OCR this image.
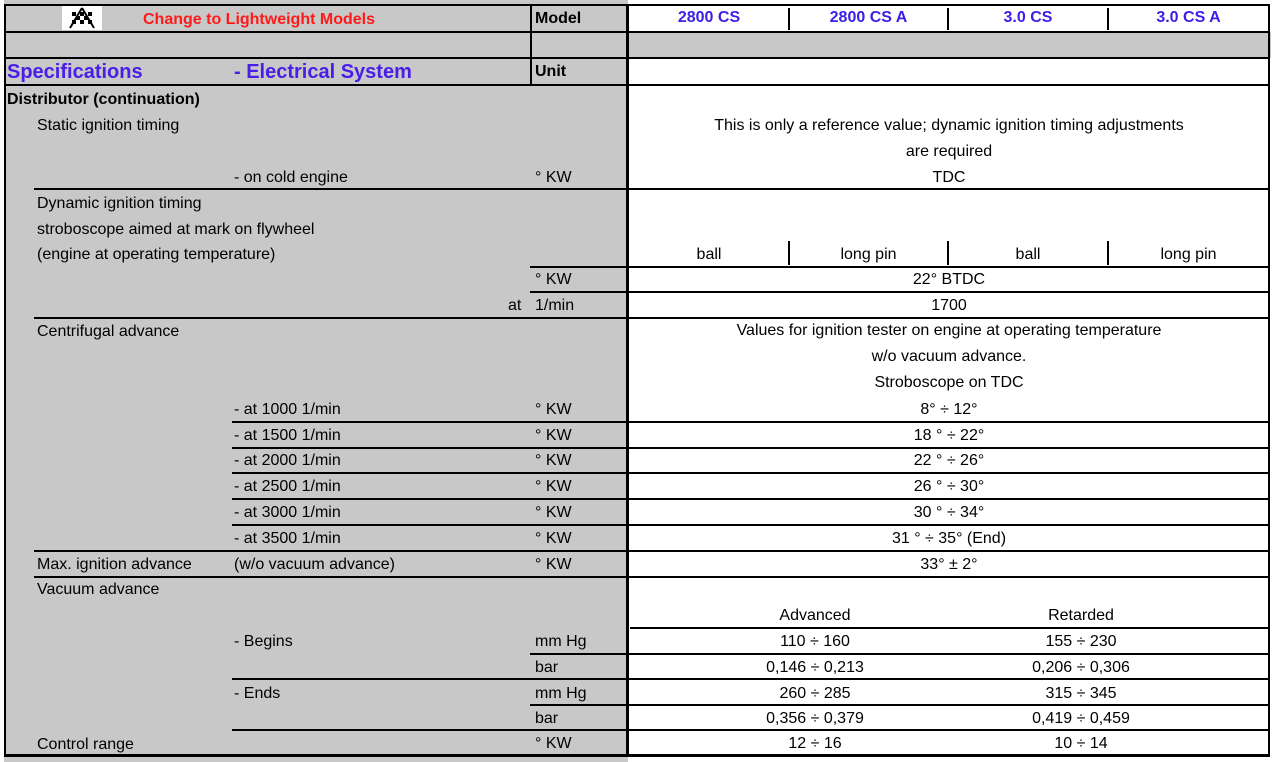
Change to Lightweight Models	Model	2800 CS	2800 CS A	3.0 CS	3.0 CS A
Specifications	- Electrical System	Unit
Distributor (continuation)
Static ignition timing	This is only a reference value; dynamic ignition timing adjustments
are required
- on cold engine	° KW	TDC
Dynamic ignition timing
stroboscope aimed at mark on flywheel
(engine at operating temperature)	ball	long pin	ball	long pin
° KW	22° BTDC
at 1/min	1700
Centrifugal advance	Values for ignition tester on engine at operating temperature
w/o vacuum advance.
Stroboscope on TDC
- at 1000 1/min	° KW	8° ÷ 12°
- at 1500 1/min	° KW	18 ° ÷ 22°
- at 2000 1/min	° KW	22 ° ÷ 26°
- at 2500 1/min	° KW	26 ° ÷ 30°
- at 3000 1/min	° KW	30 ° ÷ 34°
- at 3500 1/min	° KW	31 ° ÷ 35° (End)
Max. ignition advance	(w/o vacuum advance)	° KW	33° ± 2°
Vacuum advance
Advanced	Retarded
- Begins	mm Hg	110 ÷ 160	155 ÷ 230
bar	0,146 ÷ 0,213	0,206 ÷ 0,306
- Ends	mm Hg	260 ÷ 285	315 ÷ 345
bar	0,356 ÷ 0,379	0,419 ÷ 0,459
Control range	° KW	12 ÷ 16	10 ÷ 14
